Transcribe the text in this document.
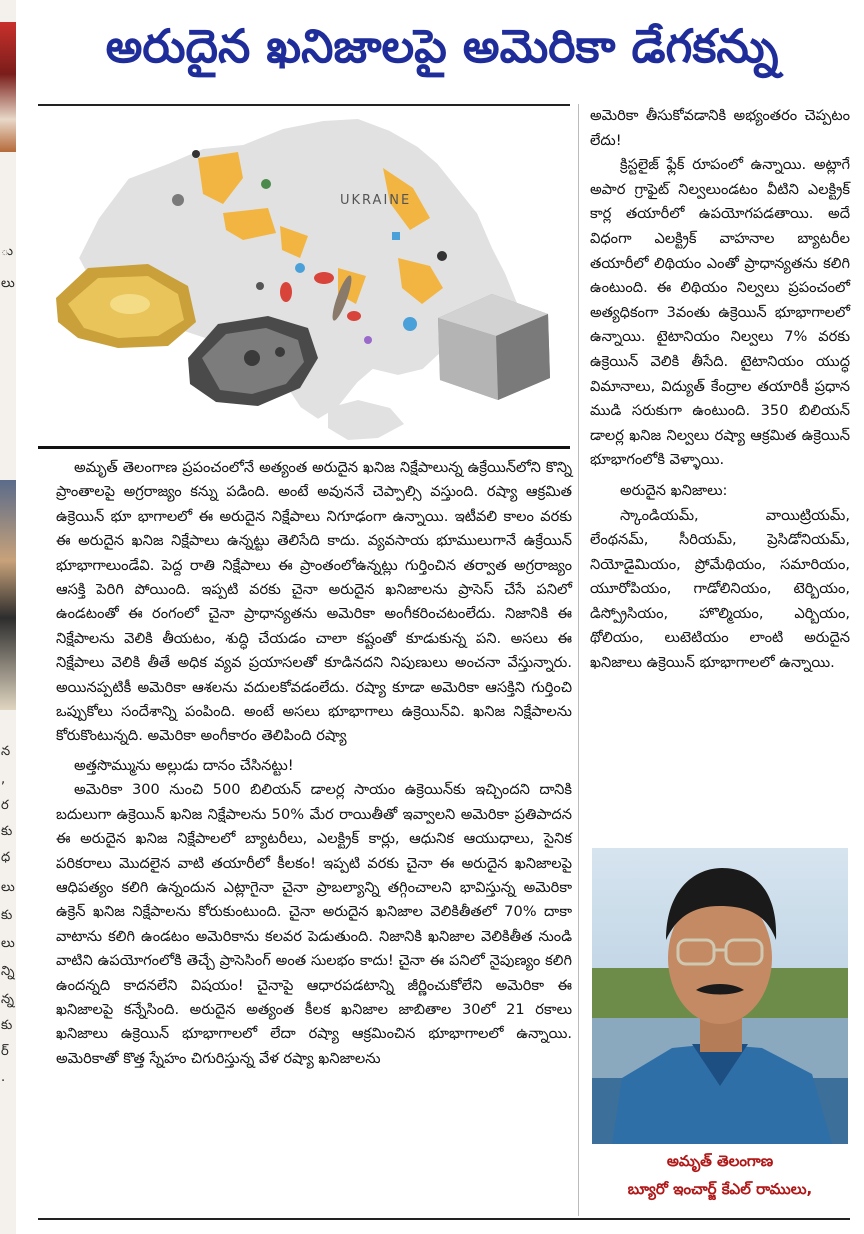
ు
లు
న
,
ర
కు
ధ
లు
కు
లు
న్ని
న్న
కు
ర్
.
అరుదైన ఖనిజాలపై అమెరికా డేగకన్ను
UKRAINE

అమృత్ తెలంగాణ ప్రపంచంలోనే అత్యంత అరుదైన ఖనిజ నిక్షేపాలున్న ఉక్రేయిన్‌లోని కొన్ని ప్రాంతాలపై అగ్రరాజ్యం కన్ను పడింది. అంటే అవుననే చెప్పాల్సి వస్తుంది. రష్యా ఆక్రమిత ఉక్రెయిన్ భూ భాగాలలో ఈ అరుదైన నిక్షేపాలు నిగూఢంగా ఉన్నాయి. ఇటీవలి కాలం వరకు ఈ అరుదైన ఖనిజ నిక్షేపాలు ఉన్నట్టు తెలిసేది కాదు. వ్యవసాయ భూములుగానే ఉక్రేయిన్ భూభాగాలుండేవి. పెద్ద రాతి నిక్షేపాలు ఈ ప్రాంతంలోఉన్నట్లు గుర్తించిన తర్వాత అగ్రరాజ్యం ఆసక్తి పెరిగి పోయింది. ఇప్పటి వరకు చైనా అరుదైన ఖనిజాలను ప్రాసెస్ చేసే పనిలో ఉండటంతో ఈ రంగంలో చైనా ప్రాధాన్యతను అమెరికా అంగీకరించటంలేదు. నిజానికి ఈ నిక్షేపాలను వెలికి తీయటం, శుద్ధి చేయడం చాలా కష్టంతో కూడుకున్న పని. అసలు ఈ నిక్షేపాలు వెలికి తీతే అధిక వ్యవ ప్రయాసలతో కూడినదని నిపుణులు అంచనా వేస్తున్నారు. అయినప్పటికీ అమెరికా ఆశలను వదులకోవడంలేదు. రష్యా కూడా అమెరికా ఆసక్తిని గుర్తించి ఒప్పుకోలు సందేశాన్ని పంపింది. అంటే అసలు భూభాగాలు ఉక్రెయిన్‌వి. ఖనిజ నిక్షేపాలను కోరుకొంటున్నది. అమెరికా అంగీకారం తెలిపింది రష్యా

అత్తసొమ్మును అల్లుడు దానం చేసినట్టు!

అమెరికా 300 నుంచి 500 బిలియన్ డాలర్ల సాయం ఉక్రెయిన్‌కు ఇచ్చిందని దానికి బదులుగా ఉక్రెయిన్ ఖనిజ నిక్షేపాలను 50% మేర రాయితీతో ఇవ్వాలని అమెరికా ప్రతిపాదన ఈ అరుదైన ఖనిజ నిక్షేపాలలో బ్యాటరీలు, ఎలక్ట్రిక్ కార్లు, ఆధునిక ఆయుధాలు, సైనిక పరికరాలు మొదలైన వాటి తయారీలో కీలకం! ఇప్పటి వరకు చైనా ఈ అరుదైన ఖనిజాలపై ఆధిపత్యం కలిగి ఉన్నందున ఎట్లాగైనా చైనా ప్రాబల్యాన్ని తగ్గించాలని భావిస్తున్న అమెరికా ఉక్రెన్ ఖనిజ నిక్షేపాలను కోరుకుంటుంది. చైనా అరుదైన ఖనిజాల వెలికితీతలో 70% దాకా వాటాను కలిగి ఉండటం అమెరికాను కలవర పెడుతుంది. నిజానికి ఖనిజాల వెలికితీత నుండి వాటిని ఉపయోగంలోకి తెచ్చే ప్రాసెసింగ్ అంత సులభం కాదు! చైనా ఈ పనిలో నైపుణ్యం కలిగి ఉందన్నది కాదనలేని విషయం! చైనాపై ఆధారపడటాన్ని జీర్ణించుకోలేని అమెరికా ఈ ఖనిజాలపై కన్నేసింది. అరుదైన అత్యంత కీలక ఖనిజాల జాబితాల 30లో 21 రకాలు ఖనిజాలు ఉక్రెయిన్ భూభాగాలలో లేదా రష్యా ఆక్రమించిన భూభాగాలలో ఉన్నాయి. అమెరికాతో కొత్త స్నేహం చిగురిస్తున్న వేళ రష్యా ఖనిజాలను

అమెరికా తీసుకోవడానికి అభ్యంతరం చెప్పటం లేదు!

క్రిస్టలైజ్ ఫ్లేక్ రూపంలో ఉన్నాయి. అట్లాగే అపార గ్రాఫైట్ నిల్వలుండటం వీటిని ఎలక్ట్రిక్ కార్ల తయారీలో ఉపయోగపడతాయి. అదే విధంగా ఎలక్ట్రిక్ వాహనాల బ్యాటరీల తయారీలో లిథియం ఎంతో ప్రాధాన్యతను కలిగి ఉంటుంది. ఈ లిథియం నిల్వలు ప్రపంచంలో అత్యధికంగా 3వంతు ఉక్రెయిన్ భూభాగాలలో ఉన్నాయి. టైటానియం నిల్వలు 7% వరకు ఉక్రెయిన్ వెలికి తీసేది. టైటానియం యుద్ధ విమానాలు, విద్యుత్ కేంద్రాల తయారికీ ప్రధాన ముడి సరుకుగా ఉంటుంది. 350 బిలియన్ డాలర్ల ఖనిజ నిల్వలు రష్యా ఆక్రమిత ఉక్రెయిన్ భూభాగంలోకి వెళ్ళాయి.

అరుదైన ఖనిజాలు:

స్కాండియమ్, వాయిట్రియమ్, లేంథనమ్, సీరియమ్, ప్రెసిడోనియమ్, నియోడైమియం, ప్రోమేథియం, సమారియం, యూరోపియం, గాడోలినియం, టెర్బియం, డిస్ప్రోసియం, హొల్మియం, ఎర్బియం, థోలియం, లుటెటియం లాంటి అరుదైన ఖనిజాలు ఉక్రెయిన్ భూభాగాలలో ఉన్నాయి.

అమృత్ తెలంగాణ
బ్యూరో ఇంచార్జ్ కేఎల్ రాములు,
